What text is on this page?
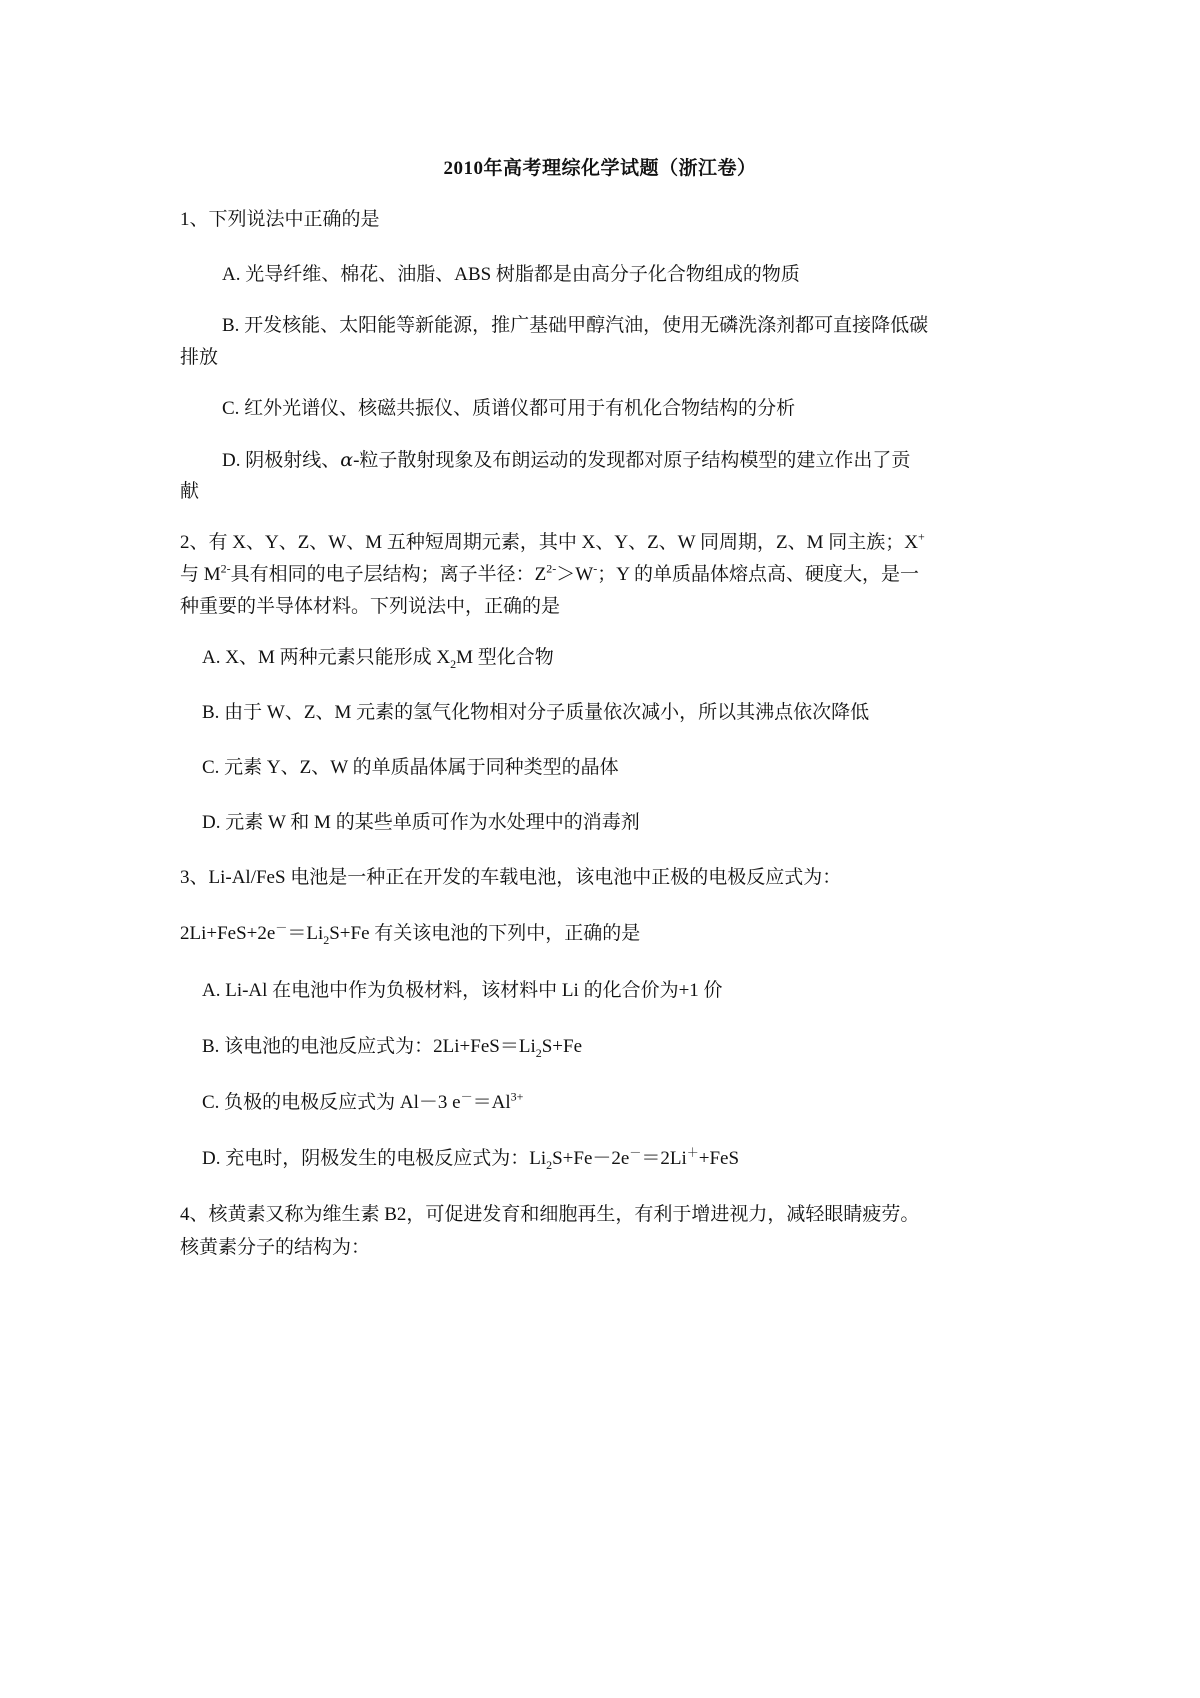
2010年高考理综化学试题（浙江卷）
1、下列说法中正确的是
A. 光导纤维、棉花、油脂、ABS 树脂都是由高分子化合物组成的物质
B. 开发核能、太阳能等新能源，推广基础甲醇汽油，使用无磷洗涤剂都可直接降低碳
排放
C. 红外光谱仪、核磁共振仪、质谱仪都可用于有机化合物结构的分析
D. 阴极射线、α-粒子散射现象及布朗运动的发现都对原子结构模型的建立作出了贡
献
2、有 X、Y、Z、W、M 五种短周期元素，其中 X、Y、Z、W 同周期，Z、M 同主族；X+
与 $M^{2-}$具有相同的电子层结构；离子半径：$Z^{2-}>W^-$；Y 的单质晶体熔点高、硬度大，是一
种重要的半导体材料。下列说法中，正确的是
A. X、M 两种元素只能形成 $X_2M$ 型化合物
B. 由于 W、Z、M 元素的氢气化物相对分子质量依次减小，所以其沸点依次降低
C. 元素 Y、Z、W 的单质晶体属于同种类型的晶体
D. 元素 W 和 M 的某些单质可作为水处理中的消毒剂
3、Li-Al/FeS 电池是一种正在开发的车载电池，该电池中正极的电极反应式为：
$2Li+FeS+2e^-=Li_2S+Fe$ 有关该电池的下列中，正确的是
A. Li-Al 在电池中作为负极材料，该材料中 Li 的化合价为+1 价
B. 该电池的电池反应式为：$2Li+FeS=Li_2S+Fe$
C. 负极的电极反应式为 Al－3 $e^-=Al^{3+}$
D. 充电时，阴极发生的电极反应式为：$Li_2S+Fe-2e^-=2Li^++FeS$
4、核黄素又称为维生素 B2，可促进发育和细胞再生，有利于增进视力，减轻眼睛疲劳。
核黄素分子的结构为：
